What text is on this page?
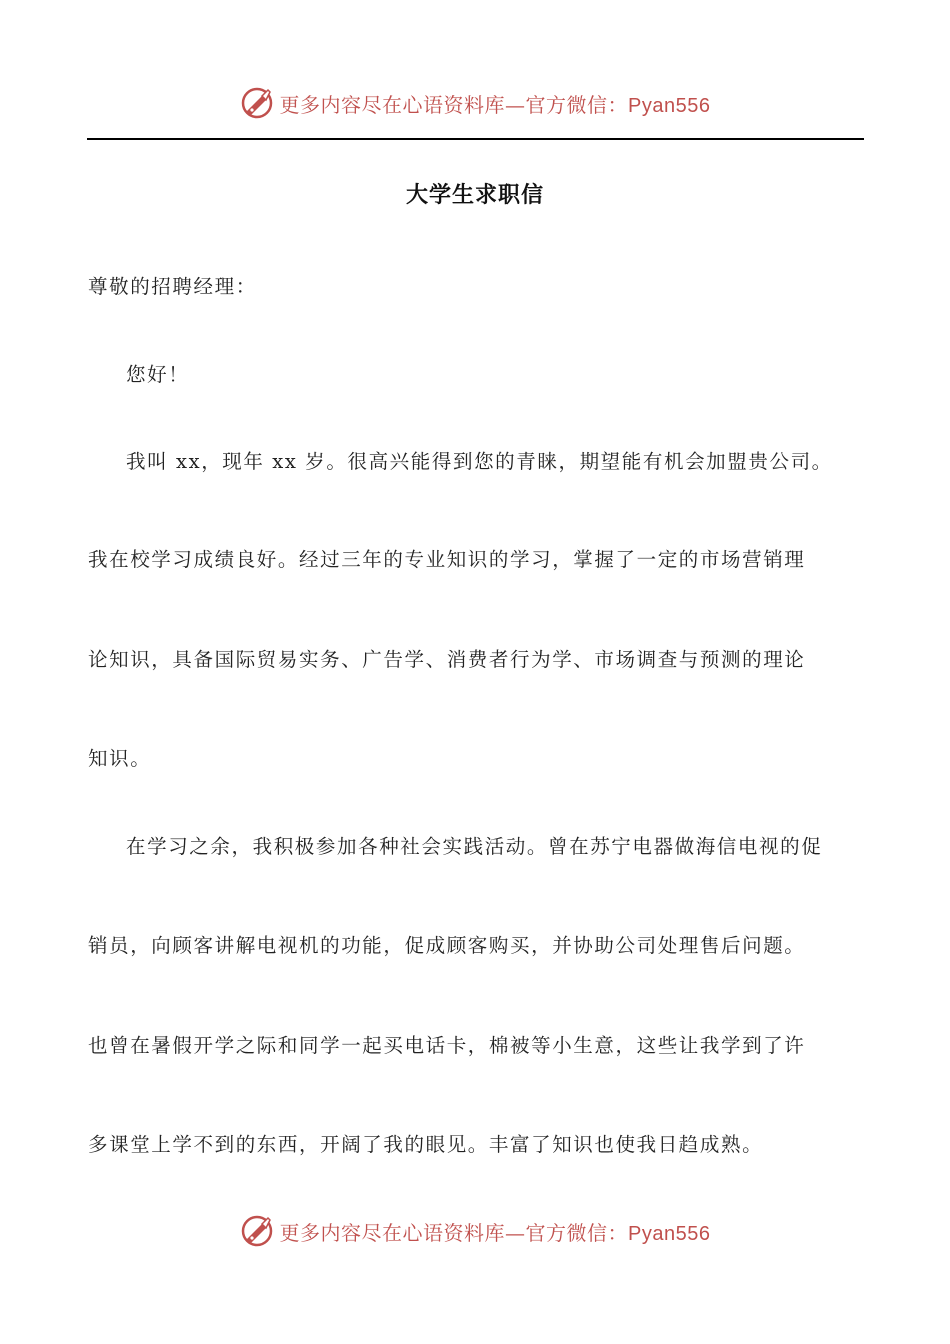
更多内容尽在心语资料库—官方微信：Pyan556
大学生求职信
尊敬的招聘经理：
您好！
我叫 xx，现年 xx 岁。很高兴能得到您的青睐，期望能有机会加盟贵公司。
我在校学习成绩良好。经过三年的专业知识的学习，掌握了一定的市场营销理
论知识，具备国际贸易实务、广告学、消费者行为学、市场调查与预测的理论
知识。
在学习之余，我积极参加各种社会实践活动。曾在苏宁电器做海信电视的促
销员，向顾客讲解电视机的功能，促成顾客购买，并协助公司处理售后问题。
也曾在暑假开学之际和同学一起买电话卡，棉被等小生意，这些让我学到了许
多课堂上学不到的东西，开阔了我的眼见。丰富了知识也使我日趋成熟。
更多内容尽在心语资料库—官方微信：Pyan556
